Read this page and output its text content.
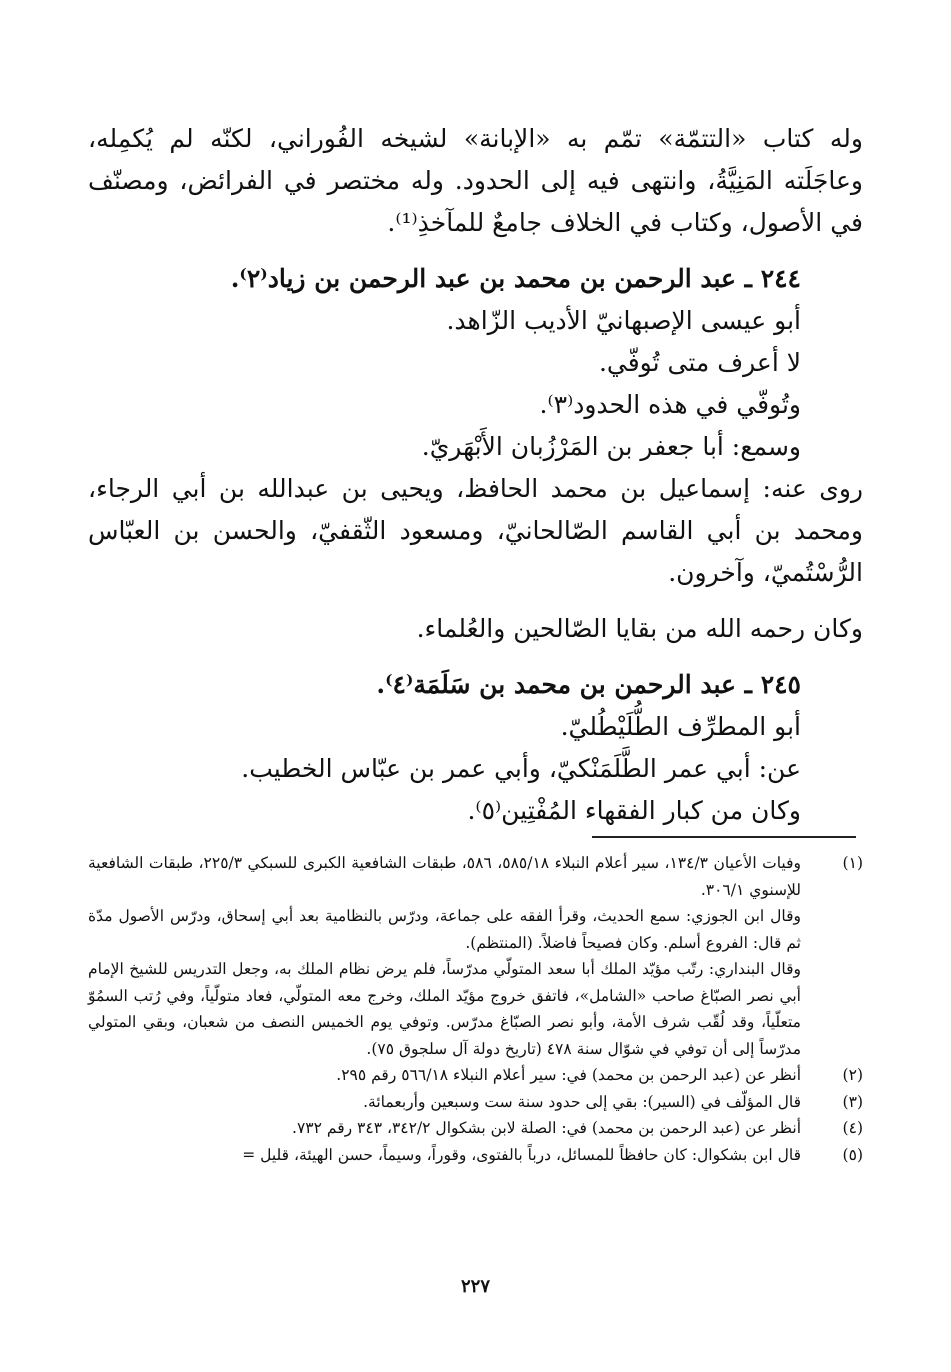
وله كتاب «التتمّة» تمّم به «الإبانة» لشيخه الفُوراني، لكنّه لم يُكمِله، وعاجَلَته المَنِيَّةُ، وانتهى فيه إلى الحدود. وله مختصر في الفرائض، ومصنّف في الأصول، وكتاب في الخلاف جامعٌ للمآخذِ⁽¹⁾.

٢٤٤ ـ عبد الرحمن بن محمد بن عبد الرحمن بن زياد⁽٢⁾.

أبو عيسى الإصبهانيّ الأديب الزّاهد.

لا أعرف متى تُوفّي.

وتُوفّي في هذه الحدود⁽٣⁾.

وسمع: أبا جعفر بن المَرْزُبان الأَبْهَريّ.

روى عنه: إسماعيل بن محمد الحافظ، ويحيى بن عبدالله بن أبي الرجاء، ومحمد بن أبي القاسم الصّالحانيّ، ومسعود الثّقفيّ، والحسن بن العبّاس الرُّسْتُميّ، وآخرون.

وكان رحمه الله من بقايا الصّالحين والعُلماء.

٢٤٥ ـ عبد الرحمن بن محمد بن سَلَمَة⁽٤⁾.

أبو المطرِّف الطُّلَيْطُليّ.

عن: أبي عمر الطَّلَمَنْكيّ، وأبي عمر بن عبّاس الخطيب.

وكان من كبار الفقهاء المُفْتِين⁽٥⁾.

(١)
وفيات الأعيان ١٣٤/٣، سير أعلام النبلاء ٥٨٥/١٨، ٥٨٦، طبقات الشافعية الكبرى للسبكي ٢٢٥/٣، طبقات الشافعية للإسنوي ٣٠٦/١.

وقال ابن الجوزي: سمع الحديث، وقرأ الفقه على جماعة، ودرّس بالنظامية بعد أبي إسحاق، ودرّس الأصول مدّة ثم قال: الفروع أسلم. وكان فصيحاً فاضلاً. (المنتظم).

وقال البنداري: رتّب مؤيّد الملك أبا سعد المتولّي مدرّساً، فلم يرض نظام الملك به، وجعل التدريس للشيخ الإمام أبي نصر الصبّاغ صاحب «الشامل»، فاتفق خروج مؤيّد الملك، وخرج معه المتولّي، فعاد متولّياً، وفي رُتب السمُوّ متعلّياً، وقد لُقّب شرف الأمة، وأبو نصر الصبّاغ مدرّس. وتوفي يوم الخميس النصف من شعبان، وبقي المتولي مدرّساً إلى أن توفي في شوّال سنة ٤٧٨ (تاريخ دولة آل سلجوق ٧٥).

(٢)
أنظر عن (عبد الرحمن بن محمد) في: سير أعلام النبلاء ٥٦٦/١٨ رقم ٢٩٥.
(٣)
قال المؤلّف في (السير): بقي إلى حدود سنة ست وسبعين وأربعمائة.
(٤)
أنظر عن (عبد الرحمن بن محمد) في: الصلة لابن بشكوال ٣٤٢/٢، ٣٤٣ رقم ٧٣٢.
(٥)
قال ابن بشكوال: كان حافظاً للمسائل، درباً بالفتوى، وقوراً، وسيماً، حسن الهيئة، قليل =
٢٢٧
